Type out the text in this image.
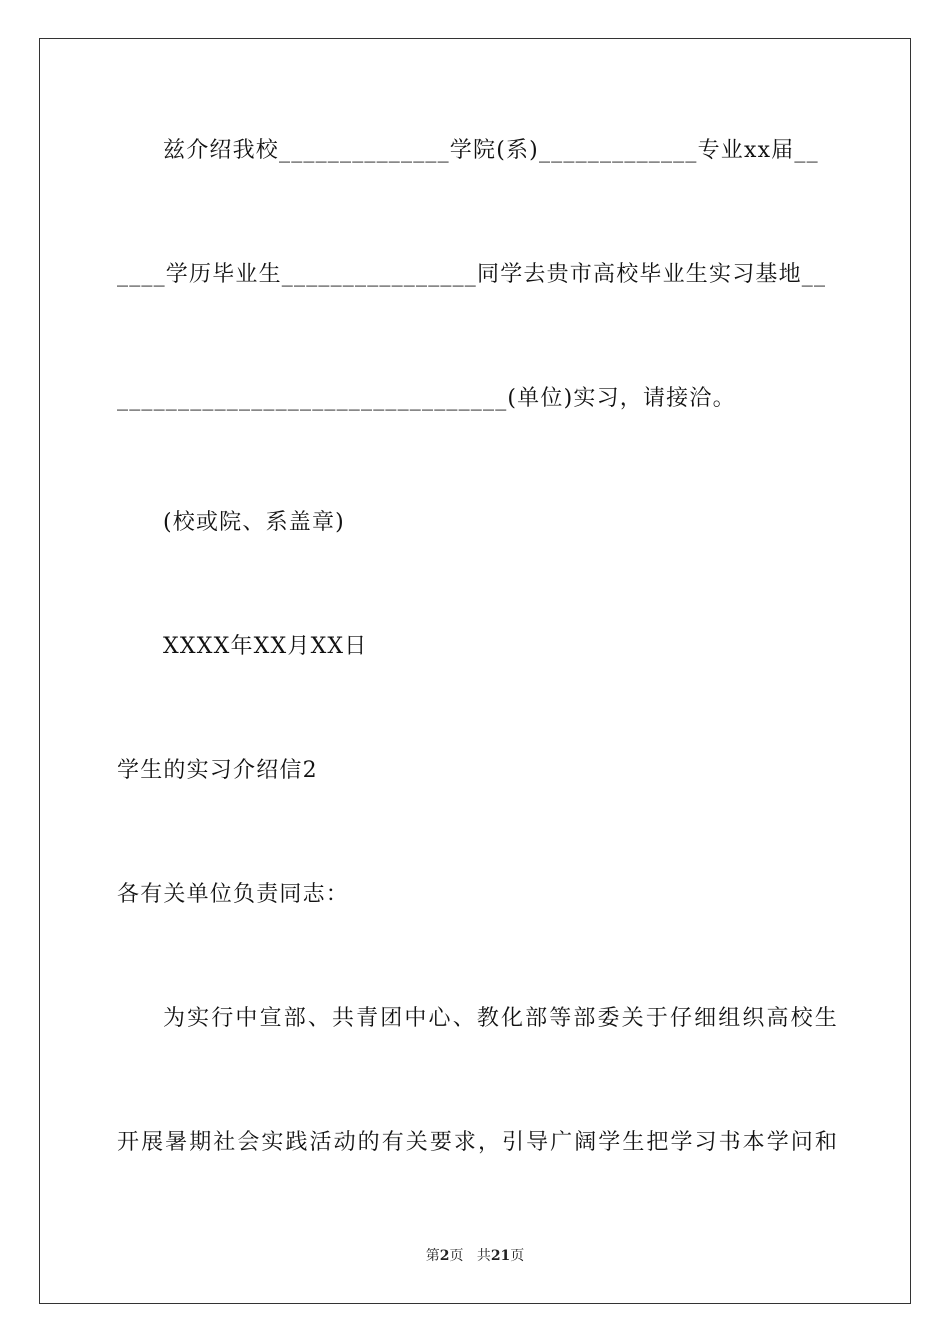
兹介绍我校______________学院(系)_____________专业xx届__
____学历毕业生________________同学去贵市高校毕业生实习基地__
________________________________(单位)实习，请接洽。
(校或院、系盖章)
XXXX年XX月XX日
学生的实习介绍信2
各有关单位负责同志：
为 实 行 中 宣 部 、 共 青 团 中 心 、 教 化 部 等 部 委 关 于 仔 细 组 织 高 校 生
开 展 暑 期 社 会 实 践 活 动 的 有 关 要 求 ， 引 导 广 阔 学 生 把 学 习 书 本 学 问 和
第2页 共21页
